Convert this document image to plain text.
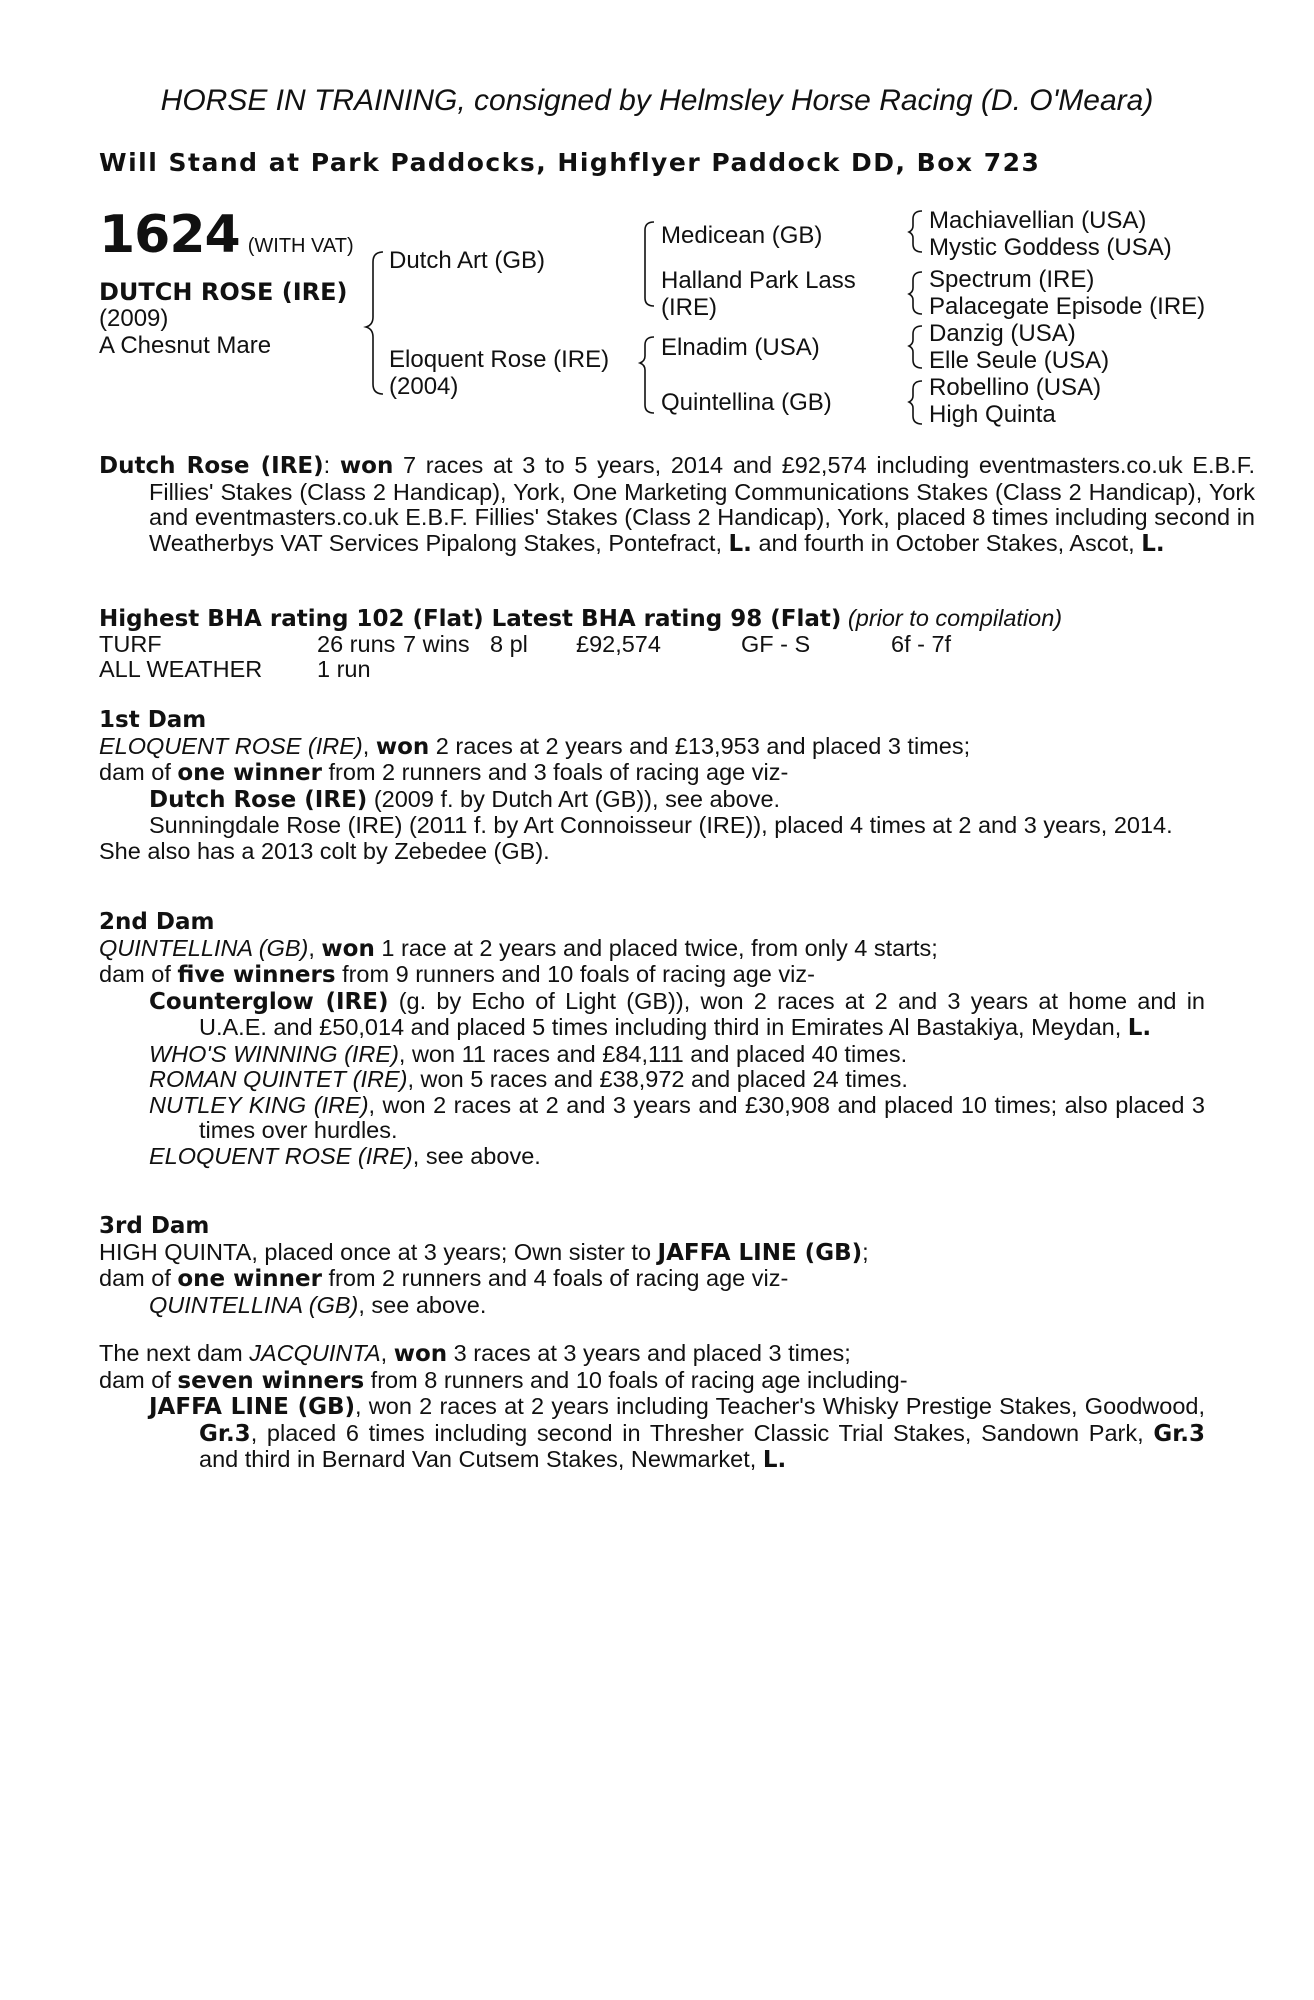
HORSE IN TRAINING, consigned by Helmsley Horse Racing (D. O'Meara)
Will Stand at Park Paddocks, Highflyer Paddock DD, Box 723
1624 (WITH VAT)
DUTCH ROSE (IRE)
(2009)
A Chesnut Mare
Dutch Art (GB)
Eloquent Rose (IRE)
(2004)
Medicean (GB)
Halland Park Lass
(IRE)
Elnadim (USA)
Quintellina (GB)
Machiavellian (USA)
Mystic Goddess (USA)
Spectrum (IRE)
Palacegate Episode (IRE)
Danzig (USA)
Elle Seule (USA)
Robellino (USA)
High Quinta
Dutch Rose (IRE): won 7 races at 3 to 5 years, 2014 and £92,574 including eventmasters.co.uk E.B.F. Fillies' Stakes (Class 2 Handicap), York, One Marketing Communications Stakes (Class 2 Handicap), York and eventmasters.co.uk E.B.F. Fillies' Stakes (Class 2 Handicap), York, placed 8 times including second in Weatherbys VAT Services Pipalong Stakes, Pontefract, L. and fourth in October Stakes, Ascot, L.
Highest BHA rating 102 (Flat) Latest BHA rating 98 (Flat) (prior to compilation)
TURF	26 runs 7 wins 8 pl £92,574	GF - S	6f - 7f
ALL WEATHER 1 run
1st Dam
ELOQUENT ROSE (IRE), won 2 races at 2 years and £13,953 and placed 3 times;
dam of one winner from 2 runners and 3 foals of racing age viz-
Dutch Rose (IRE) (2009 f. by Dutch Art (GB)), see above.
Sunningdale Rose (IRE) (2011 f. by Art Connoisseur (IRE)), placed 4 times at 2 and 3 years, 2014.
She also has a 2013 colt by Zebedee (GB).
2nd Dam
QUINTELLINA (GB), won 1 race at 2 years and placed twice, from only 4 starts;
dam of five winners from 9 runners and 10 foals of racing age viz-
Counterglow (IRE) (g. by Echo of Light (GB)), won 2 races at 2 and 3 years at home and in U.A.E. and £50,014 and placed 5 times including third in Emirates Al Bastakiya, Meydan, L.
WHO'S WINNING (IRE), won 11 races and £84,111 and placed 40 times.
ROMAN QUINTET (IRE), won 5 races and £38,972 and placed 24 times.
NUTLEY KING (IRE), won 2 races at 2 and 3 years and £30,908 and placed 10 times; also placed 3 times over hurdles.
ELOQUENT ROSE (IRE), see above.
3rd Dam
HIGH QUINTA, placed once at 3 years; Own sister to JAFFA LINE (GB);
dam of one winner from 2 runners and 4 foals of racing age viz-
QUINTELLINA (GB), see above.
The next dam JACQUINTA, won 3 races at 3 years and placed 3 times;
dam of seven winners from 8 runners and 10 foals of racing age including-
JAFFA LINE (GB), won 2 races at 2 years including Teacher's Whisky Prestige Stakes, Goodwood, Gr.3, placed 6 times including second in Thresher Classic Trial Stakes, Sandown Park, Gr.3 and third in Bernard Van Cutsem Stakes, Newmarket, L.
